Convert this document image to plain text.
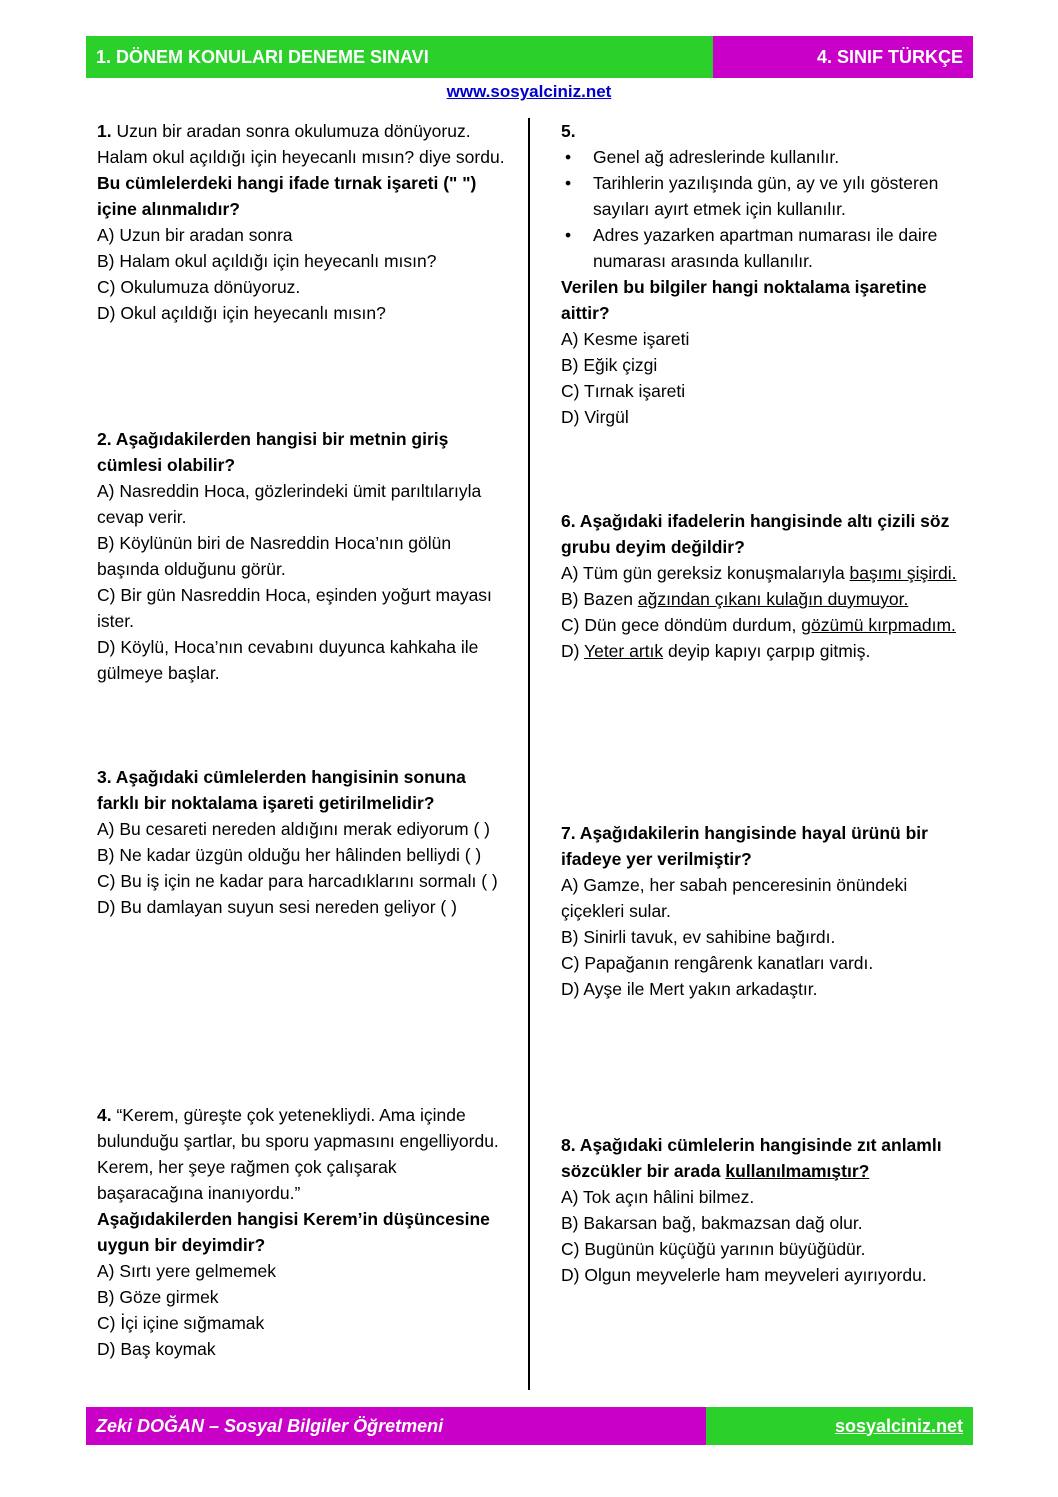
1. DÖNEM KONULARI DENEME SINAVI	4. SINIF TÜRKÇE
www.sosyalciniz.net

1. Uzun bir aradan sonra okulumuza dönüyoruz. Halam okul açıldığı için heyecanlı mısın? diye sordu.

Bu cümlelerdeki hangi ifade tırnak işareti (" ") içine alınmalıdır?

A) Uzun bir aradan sonra

B) Halam okul açıldığı için heyecanlı mısın?

C) Okulumuza dönüyoruz.

D) Okul açıldığı için heyecanlı mısın?

2. Aşağıdakilerden hangisi bir metnin giriş cümlesi olabilir?

A) Nasreddin Hoca, gözlerindeki ümit parıltılarıyla cevap verir.

B) Köylünün biri de Nasreddin Hoca’nın gölün başında olduğunu görür.

C) Bir gün Nasreddin Hoca, eşinden yoğurt mayası ister.

D) Köylü, Hoca’nın cevabını duyunca kahkaha ile gülmeye başlar.

3. Aşağıdaki cümlelerden hangisinin sonuna farklı bir noktalama işareti getirilmelidir?

A) Bu cesareti nereden aldığını merak ediyorum ( )

B) Ne kadar üzgün olduğu her hâlinden belliydi ( )

C) Bu iş için ne kadar para harcadıklarını sormalı ( )

D) Bu damlayan suyun sesi nereden geliyor ( )

4. “Kerem, güreşte çok yetenekliydi. Ama içinde bulunduğu şartlar, bu sporu yapmasını engelliyordu. Kerem, her şeye rağmen çok çalışarak başaracağına inanıyordu.”

Aşağıdakilerden hangisi Kerem’in düşüncesine uygun bir deyimdir?

A) Sırtı yere gelmemek

B) Göze girmek

C) İçi içine sığmamak

D) Baş koymak

5.

• Genel ağ adreslerinde kullanılır.
• Tarihlerin yazılışında gün, ay ve yılı gösteren sayıları ayırt etmek için kullanılır.
• Adres yazarken apartman numarası ile daire numarası arasında kullanılır.

Verilen bu bilgiler hangi noktalama işaretine aittir?

A) Kesme işareti

B) Eğik çizgi

C) Tırnak işareti

D) Virgül

6. Aşağıdaki ifadelerin hangisinde altı çizili söz grubu deyim değildir?

A) Tüm gün gereksiz konuşmalarıyla başımı şişirdi.

B) Bazen ağzından çıkanı kulağın duymuyor.

C) Dün gece döndüm durdum, gözümü kırpmadım.

D) Yeter artık deyip kapıyı çarpıp gitmiş.

7. Aşağıdakilerin hangisinde hayal ürünü bir ifadeye yer verilmiştir?

A) Gamze, her sabah penceresinin önündeki çiçekleri sular.

B) Sinirli tavuk, ev sahibine bağırdı.

C) Papağanın rengârenk kanatları vardı.

D) Ayşe ile Mert yakın arkadaştır.

8. Aşağıdaki cümlelerin hangisinde zıt anlamlı sözcükler bir arada kullanılmamıştır?

A) Tok açın hâlini bilmez.

B) Bakarsan bağ, bakmazsan dağ olur.

C) Bugünün küçüğü yarının büyüğüdür.

D) Olgun meyvelerle ham meyveleri ayırıyordu.

Zeki DOĞAN – Sosyal Bilgiler Öğretmeni	sosyalciniz.net
